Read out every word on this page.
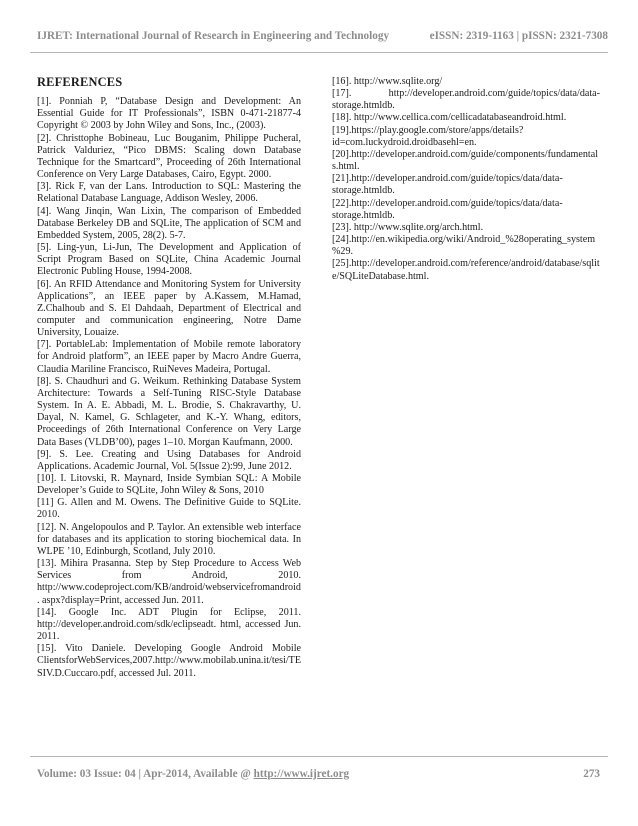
IJRET: International Journal of Research in Engineering and Technology	eISSN: 2319-1163 | pISSN: 2321-7308
REFERENCES

[1]. Ponniah P, “Database Design and Development: An Essential Guide for IT Professionals”, ISBN 0-471-21877-4 Copyright © 2003 by John Wiley and Sons, Inc., (2003).

[2]. Christtophe Bobineau, Luc Bouganim, Philippe Pucheral, Patrick Valduriez, “Pico DBMS: Scaling down Database Technique for the Smartcard”, Proceeding of 26th International Conference on Very Large Databases, Cairo, Egypt. 2000.

[3]. Rick F, van der Lans. Introduction to SQL: Mastering the Relational Database Language, Addison Wesley, 2006.

[4]. Wang Jinqin, Wan Lixin, The comparison of Embedded Database Berkeley DB and SQLite, The application of SCM and Embedded System, 2005, 28(2). 5-7.

[5]. Ling-yun, Li-Jun, The Development and Application of Script Program Based on SQLite, China Academic Journal Electronic Publing House, 1994-2008.

[6]. An RFID Attendance and Monitoring System for University Applications”, an IEEE paper by A.Kassem, M.Hamad, Z.Chalhoub and S. El Dahdaah, Department of Electrical and computer and communication engineering, Notre Dame University, Louaize.

[7]. PortableLab: Implementation of Mobile remote laboratory for Android platform”, an IEEE paper by Macro Andre Guerra, Claudia Mariline Francisco, RuiNeves Madeira, Portugal.

[8]. S. Chaudhuri and G. Weikum. Rethinking Database System Architecture: Towards a Self-Tuning RISC-Style Database System. In A. E. Abbadi, M. L. Brodie, S. Chakravarthy, U. Dayal, N. Kamel, G. Schlageter, and K.-Y. Whang, editors, Proceedings of 26th International Conference on Very Large Data Bases (VLDB’00), pages 1–10. Morgan Kaufmann, 2000.

[9]. S. Lee. Creating and Using Databases for Android Applications. Academic Journal, Vol. 5(Issue 2):99, June 2012.

[10]. I. Litovski, R. Maynard, Inside Symbian SQL: A Mobile Developer’s Guide to SQLite, John Wiley & Sons, 2010

[11] G. Allen and M. Owens. The Definitive Guide to SQLite. 2010.

[12]. N. Angelopoulos and P. Taylor. An extensible web interface for databases and its application to storing biochemical data. In WLPE ’10, Edinburgh, Scotland, July 2010.

[13]. Mihira Prasanna. Step by Step Procedure to Access Web Services from Android, 2010. http://www.codeproject.com/KB/android/webservicefromandroid. aspx?display=Print, accessed Jun. 2011.

[14]. Google Inc. ADT Plugin for Eclipse, 2011. http://developer.android.com/sdk/eclipseadt. html, accessed Jun. 2011.

[15]. Vito Daniele. Developing Google Android Mobile ClientsforWebServices,2007.http://www.mobilab.unina.it/tesi/TESIV.D.Cuccaro.pdf, accessed Jul. 2011.

[16]. http://www.sqlite.org/

[17]. http://developer.android.com/guide/topics/data/data-storage.htmldb.

[18]. http://www.cellica.com/cellicadatabaseandroid.html.

[19].https://play.google.com/store/apps/details?id=com.luckydroid.droidbasehl=en.

[20].http://developer.android.com/guide/components/fundamentals.html.

[21].http://developer.android.com/guide/topics/data/data-storage.htmldb.

[22].http://developer.android.com/guide/topics/data/data-storage.htmldb.

[23]. http://www.sqlite.org/arch.html.

[24].http://en.wikipedia.org/wiki/Android_%28operating_system%29.

[25].http://developer.android.com/reference/android/database/sqlite/SQLiteDatabase.html.

Volume: 03 Issue: 04 | Apr-2014, Available @ http://www.ijret.org	273
